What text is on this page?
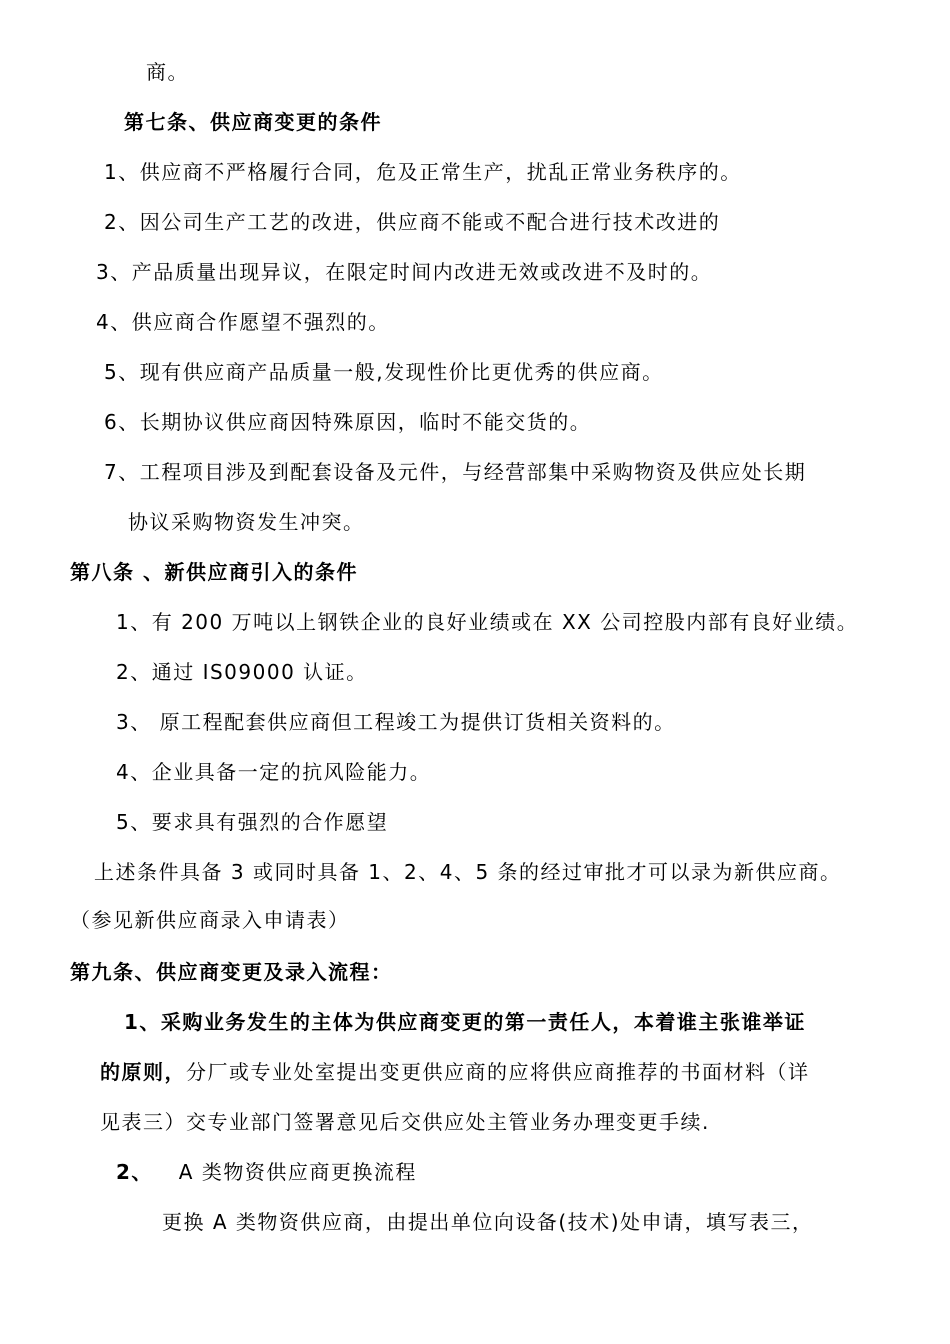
商。
第七条、供应商变更的条件
1、供应商不严格履行合同，危及正常生产，扰乱正常业务秩序的。
2、因公司生产工艺的改进，供应商不能或不配合进行技术改进的
3、产品质量出现异议，在限定时间内改进无效或改进不及时的。
4、供应商合作愿望不强烈的。
5、现有供应商产品质量一般,发现性价比更优秀的供应商。
6、长期协议供应商因特殊原因，临时不能交货的。
7、工程项目涉及到配套设备及元件，与经营部集中采购物资及供应处长期
协议采购物资发生冲突。
第八条 、新供应商引入的条件
1、有 200 万吨以上钢铁企业的良好业绩或在 XX 公司控股内部有良好业绩。
2、通过 IS09000 认证。
3、 原工程配套供应商但工程竣工为提供订货相关资料的。
4、企业具备一定的抗风险能力。
5、要求具有强烈的合作愿望
上述条件具备 3 或同时具备 1、2、4、5 条的经过审批才可以录为新供应商。
（参见新供应商录入申请表）
第九条、供应商变更及录入流程：
1、采购业务发生的主体为供应商变更的第一责任人，本着谁主张谁举证
的原则，分厂或专业处室提出变更供应商的应将供应商推荐的书面材料（详
见表三）交专业部门签署意见后交供应处主管业务办理变更手续.
2、 A 类物资供应商更换流程
更换 A 类物资供应商，由提出单位向设备(技术)处申请，填写表三，
